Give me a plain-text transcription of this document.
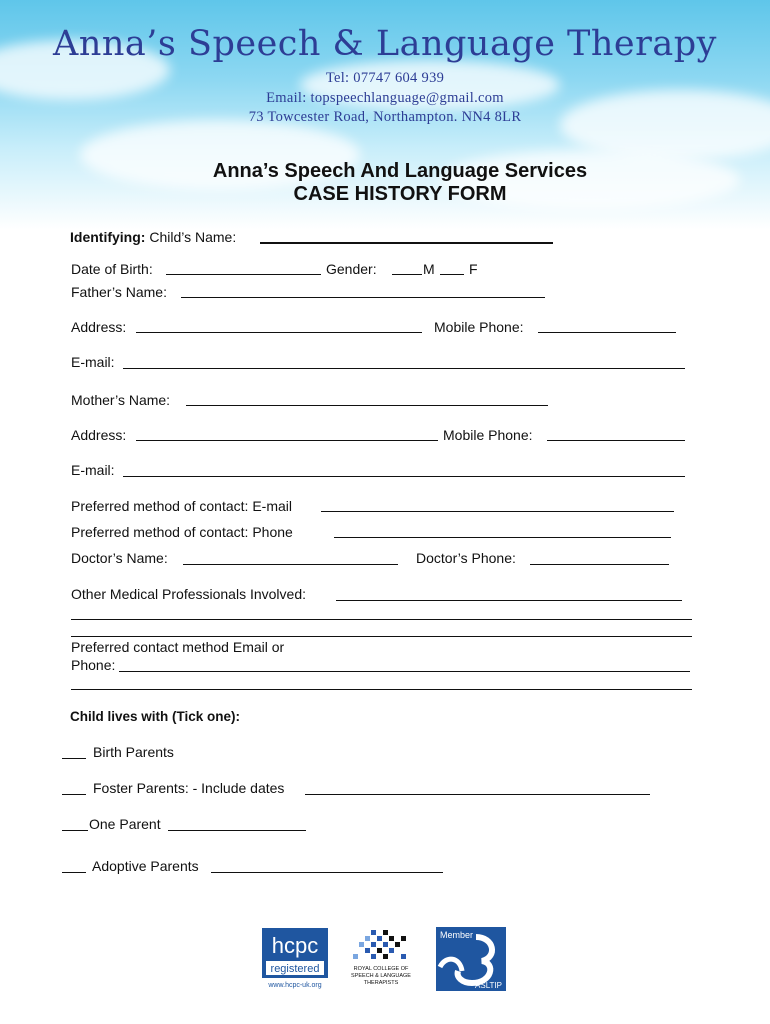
Anna’s Speech & Language Therapy
Tel: 07747 604 939
Email: topspeechlanguage@gmail.com
73 Towcester Road, Northampton. NN4 8LR
Anna’s Speech And Language Services
CASE HISTORY FORM
Identifying: Child’s Name:
Date of Birth:	Gender:	M F
Father’s Name:
Address:	Mobile Phone:
E-mail:
Mother’s Name:
Address:	Mobile Phone:
E-mail:
Preferred method of contact: E-mail
Preferred method of contact: Phone
Doctor’s Name:	Doctor’s Phone:
Other Medical Professionals Involved:
Preferred contact method Email or
Phone:
Child lives with (Tick one):
Birth Parents
Foster Parents: - Include dates
One Parent
Adoptive Parents
hcpc
registered
www.hcpc-uk.org
ROYAL COLLEGE OF
SPEECH & LANGUAGE
THERAPISTS
Member
ASLTIP
